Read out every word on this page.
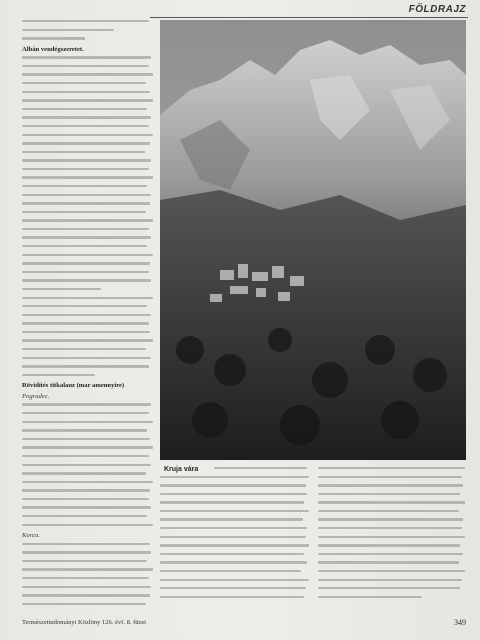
FÖLDRAJZ
Albán vendégszeretet.
Rövidítés titkalauz (mar amennyire)
Pogradec.
Korca.
Kruja vára
Természettudományi Közlöny 126. évf. 8. füzet	349
